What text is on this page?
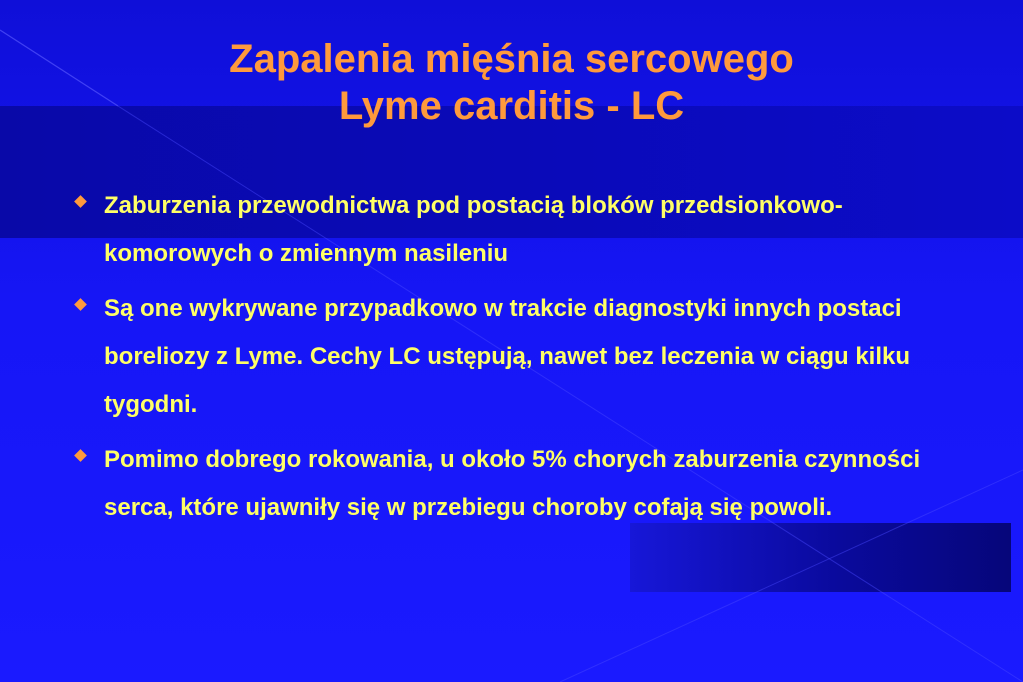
Zapalenia mięśnia sercowego
Lyme carditis - LC
Zaburzenia przewodnictwa pod postacią bloków przedsionkowo-komorowych o zmiennym nasileniu
Są one wykrywane przypadkowo w trakcie diagnostyki innych postaci boreliozy z Lyme. Cechy LC ustępują, nawet bez leczenia w ciągu kilku tygodni.
Pomimo dobrego rokowania, u około 5% chorych zaburzenia czynności serca, które ujawniły się w przebiegu choroby cofają się powoli.
